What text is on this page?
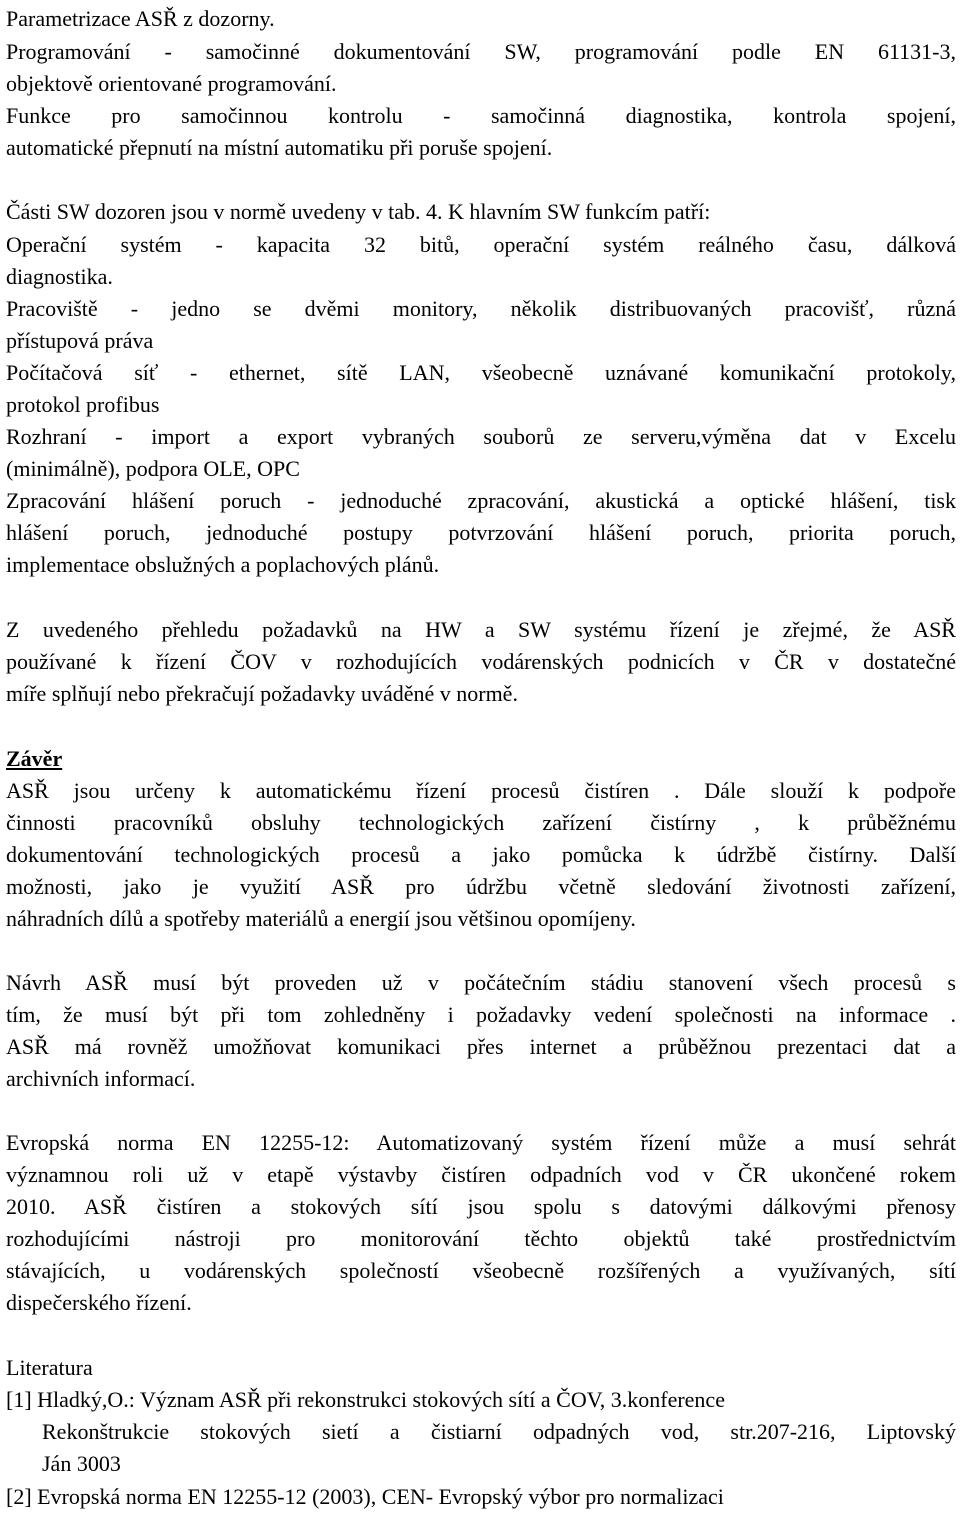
Parametrizace ASŘ z dozorny.
Programování - samočinné dokumentování SW, programování podle EN 61131-3,
objektově orientované programování.
Funkce pro samočinnou kontrolu - samočinná diagnostika, kontrola spojení,
automatické přepnutí na místní automatiku při poruše spojení.
Části SW dozoren jsou v normě uvedeny v tab. 4. K hlavním SW funkcím patří:
Operační systém - kapacita 32 bitů, operační systém reálného času, dálková
diagnostika.
Pracoviště - jedno se dvěmi monitory, několik distribuovaných pracovišť, různá
přístupová práva
Počítačová síť - ethernet, sítě LAN, všeobecně uznávané komunikační protokoly,
protokol profibus
Rozhraní - import a export vybraných souborů ze serveru,výměna dat v Excelu
(minimálně), podpora OLE, OPC
Zpracování hlášení poruch - jednoduché zpracování, akustická a optické hlášení, tisk
hlášení poruch, jednoduché postupy potvrzování hlášení poruch, priorita poruch,
implementace obslužných a poplachových plánů.
Z uvedeného přehledu požadavků na HW a SW systému řízení je zřejmé, že ASŘ
používané k řízení ČOV v rozhodujících vodárenských podnicích v ČR v dostatečné
míře splňují nebo překračují požadavky uváděné v normě.
Závěr
ASŘ jsou určeny k automatickému řízení procesů čistíren . Dále slouží k podpoře
činnosti pracovníků obsluhy technologických zařízení čistírny , k průběžnému
dokumentování technologických procesů a jako pomůcka k údržbě čistírny. Další
možnosti, jako je využití ASŘ pro údržbu včetně sledování životnosti zařízení,
náhradních dílů a spotřeby materiálů a energií jsou většinou opomíjeny.
Návrh ASŘ musí být proveden už v počátečním stádiu stanovení všech procesů s
tím, že musí být při tom zohledněny i požadavky vedení společnosti na informace .
ASŘ má rovněž umožňovat komunikaci přes internet a průběžnou prezentaci dat a
archivních informací.
Evropská norma EN 12255-12: Automatizovaný systém řízení může a musí sehrát
významnou roli už v etapě výstavby čistíren odpadních vod v ČR ukončené rokem
2010. ASŘ čistíren a stokových sítí jsou spolu s datovými dálkovými přenosy
rozhodujícími nástroji pro monitorování těchto objektů také prostřednictvím
stávajících, u vodárenských společností všeobecně rozšířených a využívaných, sítí
dispečerského řízení.
Literatura
[1] Hladký,O.: Význam ASŘ při rekonstrukci stokových sítí a ČOV, 3.konference
Rekonštrukcie stokových sietí a čistiarní odpadných vod, str.207-216, Liptovský
Ján 3003
[2] Evropská norma EN 12255-12 (2003), CEN- Evropský výbor pro normalizaci
